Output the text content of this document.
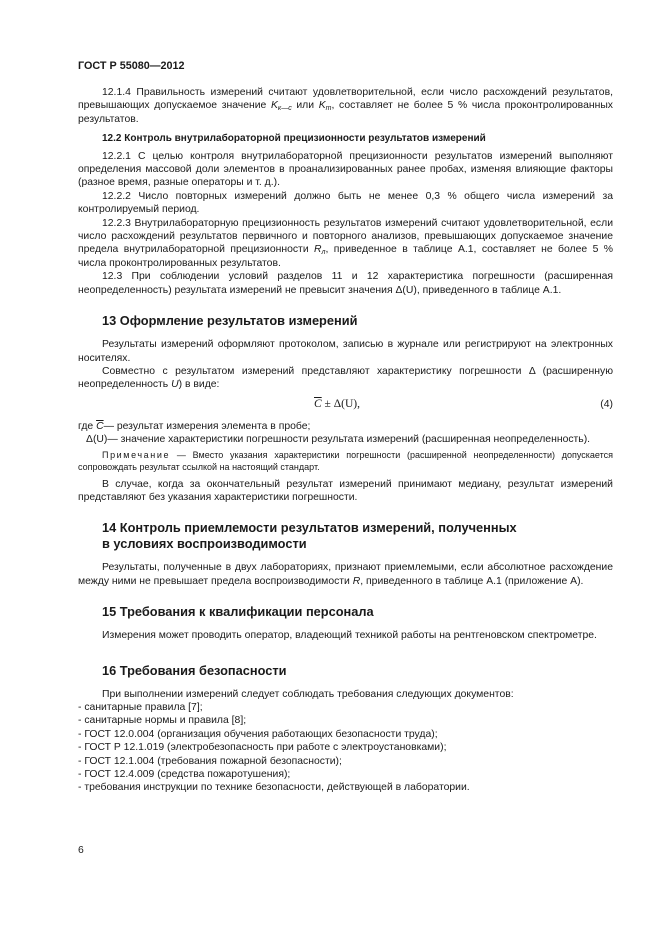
ГОСТ Р 55080—2012

12.1.4 Правильность измерений считают удовлетворительной, если число расхождений результатов, превышающих допускаемое значение $K_{к—с}$ или $K_т$, составляет не более 5 % числа проконтролированных результатов.

12.2 Контроль внутрилабораторной прецизионности результатов измерений

12.2.1 С целью контроля внутрилабораторной прецизионности результатов измерений выполняют определения массовой доли элементов в проанализированных ранее пробах, изменяя влияющие факторы (разное время, разные операторы и т. д.).

12.2.2 Число повторных измерений должно быть не менее 0,3 % общего числа измерений за контролируемый период.

12.2.3 Внутрилабораторную прецизионность результатов измерений считают удовлетворительной, если число расхождений результатов первичного и повторного анализов, превышающих допускаемое значение предела внутрилабораторной прецизионности $R_л$, приведенное в таблице А.1, составляет не более 5 % числа проконтролированных результатов.

12.3 При соблюдении условий разделов 11 и 12 характеристика погрешности (расширенная неопределенность) результата измерений не превысит значения Δ(U), приведенного в таблице А.1.

13 Оформление результатов измерений

Результаты измерений оформляют протоколом, записью в журнале или регистрируют на электронных носителях.

Совместно с результатом измерений представляют характеристику погрешности Δ (расширенную неопределенность U) в виде:

$\overline{C} \pm \Delta(U)$,	(4)
где $\overline{C}$ — результат измерения элемента в пробе;
Δ(U) — значение характеристики погрешности результата измерений (расширенная неопределенность).
Примечание — Вместо указания характеристики погрешности (расширенной неопределенности) допускается сопровождать результат ссылкой на настоящий стандарт.

В случае, когда за окончательный результат измерений принимают медиану, результат измерений представляют без указания характеристики погрешности.

14 Контроль приемлемости результатов измерений, полученных
в условиях воспроизводимости

Результаты, полученные в двух лабораториях, признают приемлемыми, если абсолютное расхождение между ними не превышает предела воспроизводимости R, приведенного в таблице А.1 (приложение А).

15 Требования к квалификации персонала

Измерения может проводить оператор, владеющий техникой работы на рентгеновском спектрометре.

16 Требования безопасности

При выполнении измерений следует соблюдать требования следующих документов:

- санитарные правила [7];
- санитарные нормы и правила [8];
- ГОСТ 12.0.004 (организация обучения работающих безопасности труда);
- ГОСТ Р 12.1.019 (электробезопасность при работе с электроустановками);
- ГОСТ 12.1.004 (требования пожарной безопасности);
- ГОСТ 12.4.009 (средства пожаротушения);
- требования инструкции по технике безопасности, действующей в лаборатории.
6
